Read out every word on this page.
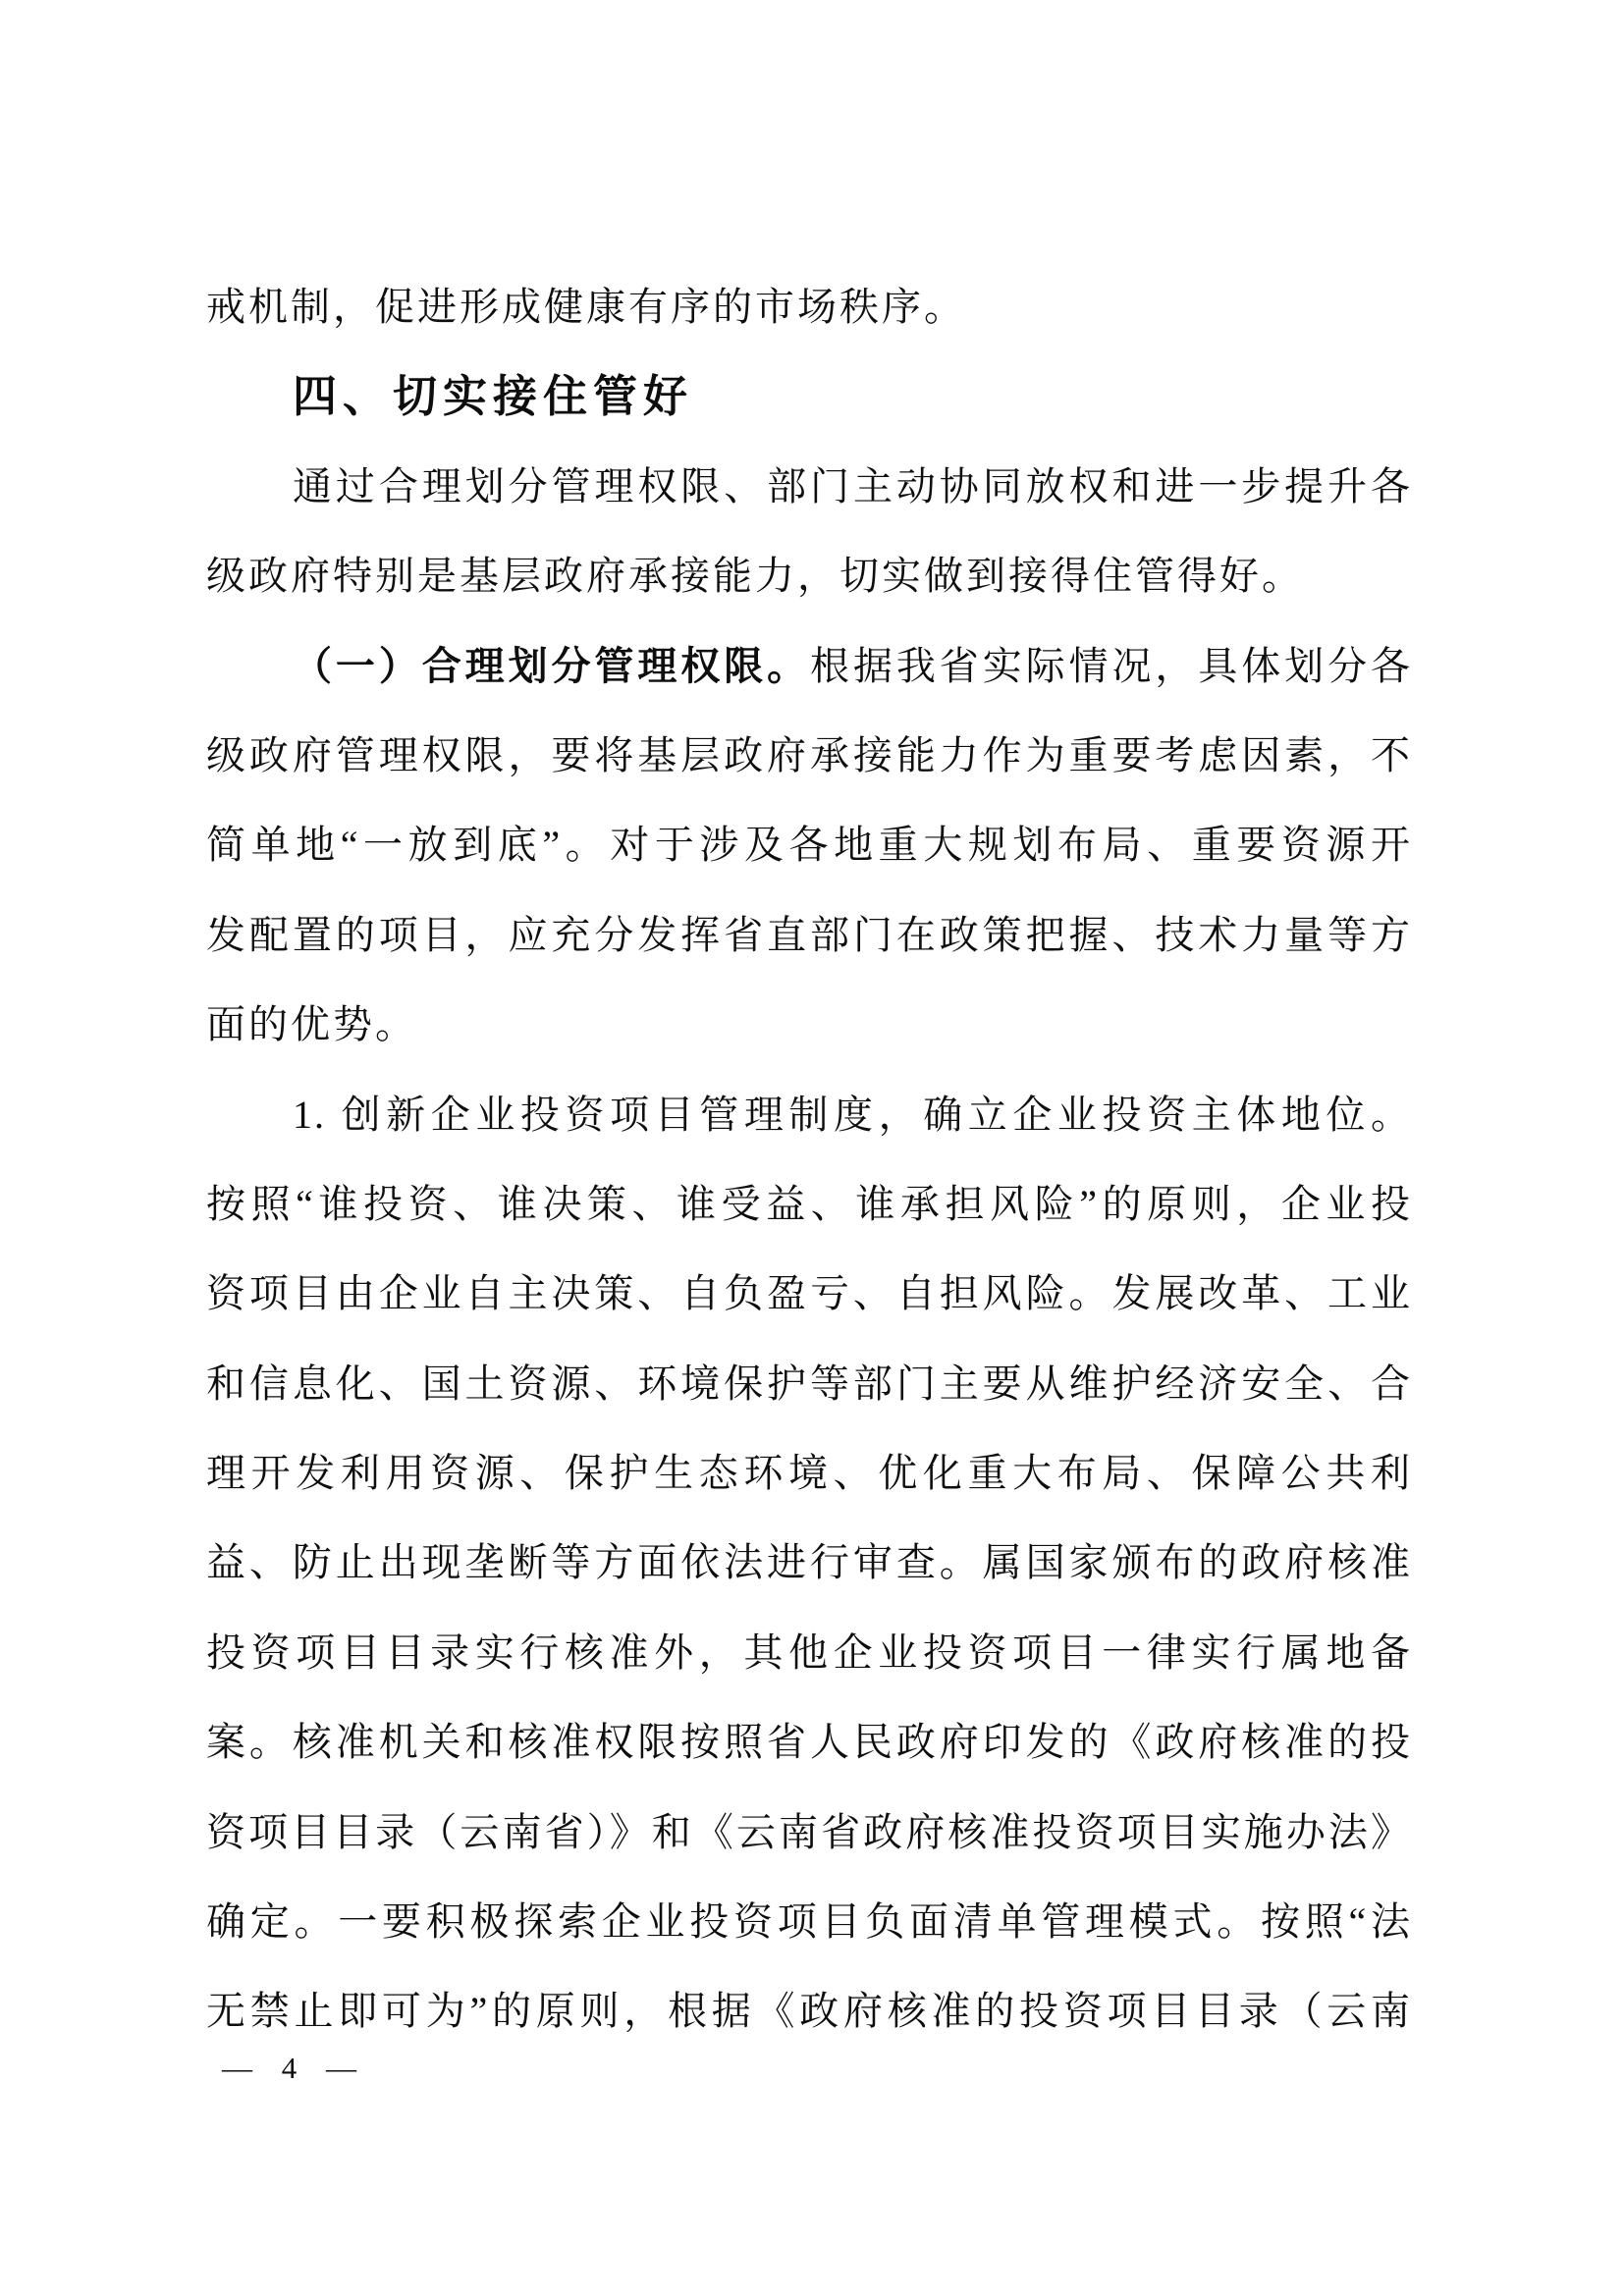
戒机制，促进形成健康有序的市场秩序。
四、切实接住管好
通过合理划分管理权限、部门主动协同放权和进一步提升各
级政府特别是基层政府承接能力，切实做到接得住管得好。
（一）合理划分管理权限。根据我省实际情况，具体划分各
级政府管理权限，要将基层政府承接能力作为重要考虑因素，不
简单地“一放到底”。对于涉及各地重大规划布局、重要资源开
发配置的项目，应充分发挥省直部门在政策把握、技术力量等方
面的优势。
1. 创新企业投资项目管理制度，确立企业投资主体地位。
按照“谁投资、谁决策、谁受益、谁承担风险”的原则，企业投
资项目由企业自主决策、自负盈亏、自担风险。发展改革、工业
和信息化、国土资源、环境保护等部门主要从维护经济安全、合
理开发利用资源、保护生态环境、优化重大布局、保障公共利
益、防止出现垄断等方面依法进行审查。属国家颁布的政府核准
投资项目目录实行核准外，其他企业投资项目一律实行属地备
案。核准机关和核准权限按照省人民政府印发的《政府核准的投
资项目目录（云南省）》和《云南省政府核准投资项目实施办法》
确定。一要积极探索企业投资项目负面清单管理模式。按照“法
无禁止即可为”的原则，根据《政府核准的投资项目目录（云南
— 4 —
